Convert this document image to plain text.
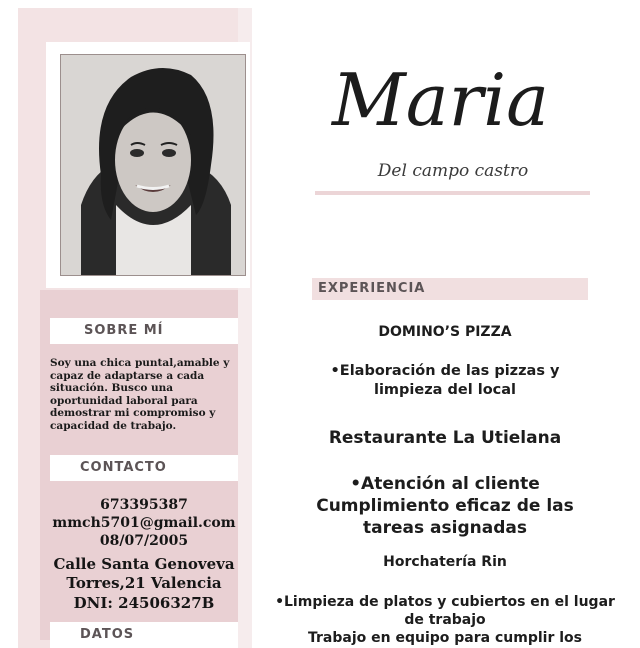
Maria
Del campo castro
SOBRE MÍ
Soy una chica puntal,amable y capaz de adaptarse a cada situación. Busco una oportunidad laboral para demostrar mi compromiso y capacidad de trabajo.
CONTACTO
673395387
mmch5701@gmail.com
08/07/2005
Calle Santa Genoveva
Torres,21 Valencia
DNI: 24506327B
DATOS
EXPERIENCIA
DOMINO’S PIZZA
•Elaboración de las pizzas y
limpieza del local
Restaurante La Utielana
•Atención al cliente
Cumplimiento eficaz de las
tareas asignadas
Horchatería Rin
•Limpieza de platos y cubiertos en el lugar
de trabajo
Trabajo en equipo para cumplir los
